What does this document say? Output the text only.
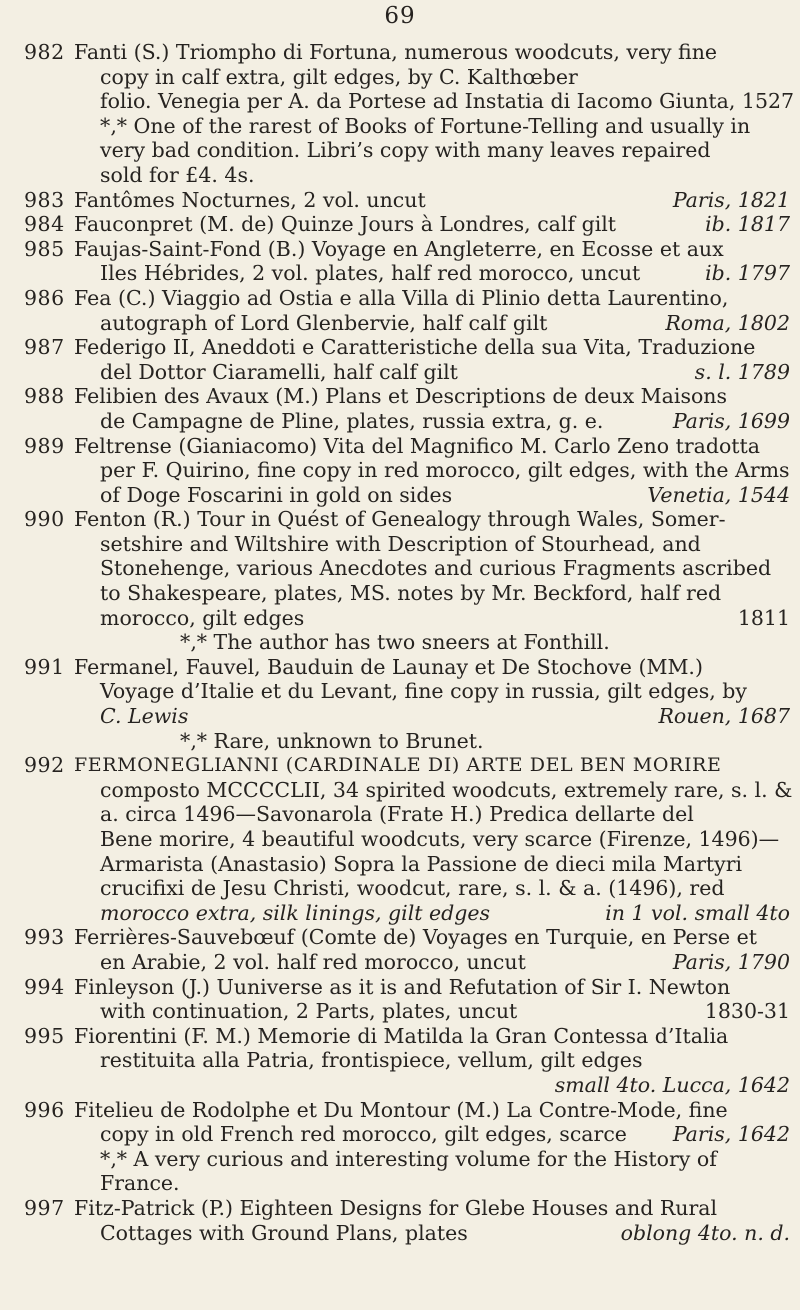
69
982 Fanti (S.) Triompho di Fortuna, numerous woodcuts, very fine
copy in calf extra, gilt edges, by C. Kalthœber
folio. Venegia per A. da Portese ad Instatia di Iacomo Giunta, 1527
*‚* One of the rarest of Books of Fortune-Telling and usually in
very bad condition. Libri’s copy with many leaves repaired
sold for £4. 4s.
983 Fantômes Nocturnes, 2 vol. uncut	Paris, 1821
984 Fauconpret (M. de) Quinze Jours à Londres, calf gilt	ib. 1817
985 Faujas-Saint-Fond (B.) Voyage en Angleterre, en Ecosse et aux
Iles Hébrides, 2 vol. plates, half red morocco, uncut	ib. 1797
986 Fea (C.) Viaggio ad Ostia e alla Villa di Plinio detta Laurentino,
autograph of Lord Glenbervie, half calf gilt	Roma, 1802
987 Federigo II, Aneddoti e Caratteristiche della sua Vita, Traduzione
del Dottor Ciaramelli, half calf gilt	s. l. 1789
988 Felibien des Avaux (M.) Plans et Descriptions de deux Maisons
de Campagne de Pline, plates, russia extra, g. e.	Paris, 1699
989 Feltrense (Gianiacomo) Vita del Magnifico M. Carlo Zeno tradotta
per F. Quirino, fine copy in red morocco, gilt edges, with the Arms
of Doge Foscarini in gold on sides	Venetia, 1544
990 Fenton (R.) Tour in Quést of Genealogy through Wales, Somer-
setshire and Wiltshire with Description of Stourhead, and
Stonehenge, various Anecdotes and curious Fragments ascribed
to Shakespeare, plates, MS. notes by Mr. Beckford, half red
morocco, gilt edges	1811
*‚* The author has two sneers at Fonthill.
991 Fermanel, Fauvel, Bauduin de Launay et De Stochove (MM.)
Voyage d’Italie et du Levant, fine copy in russia, gilt edges, by
C. Lewis	Rouen, 1687
*‚* Rare, unknown to Brunet.
992 FERMONEGLIANNI (CARDINALE DI) ARTE DEL BEN MORIRE
composto MCCCCLII, 34 spirited woodcuts, extremely rare, s. l. &
a. circa 1496—Savonarola (Frate H.) Predica dellarte del
Bene morire, 4 beautiful woodcuts, very scarce (Firenze, 1496)—
Armarista (Anastasio) Sopra la Passione de dieci mila Martyri
crucifixi de Jesu Christi, woodcut, rare, s. l. & a. (1496), red
morocco extra, silk linings, gilt edges	in 1 vol. small 4to
993 Ferrières-Sauvebœuf (Comte de) Voyages en Turquie, en Perse et
en Arabie, 2 vol. half red morocco, uncut	Paris, 1790
994 Finleyson (J.) Uuniverse as it is and Refutation of Sir I. Newton
with continuation, 2 Parts, plates, uncut	1830-31
995 Fiorentini (F. M.) Memorie di Matilda la Gran Contessa d’Italia
restituita alla Patria, frontispiece, vellum, gilt edges
small 4to. Lucca, 1642
996 Fitelieu de Rodolphe et Du Montour (M.) La Contre-Mode, fine
copy in old French red morocco, gilt edges, scarce Paris, 1642
*‚* A very curious and interesting volume for the History of
France.
997 Fitz-Patrick (P.) Eighteen Designs for Glebe Houses and Rural
Cottages with Ground Plans, plates	oblong 4to. n. d.
